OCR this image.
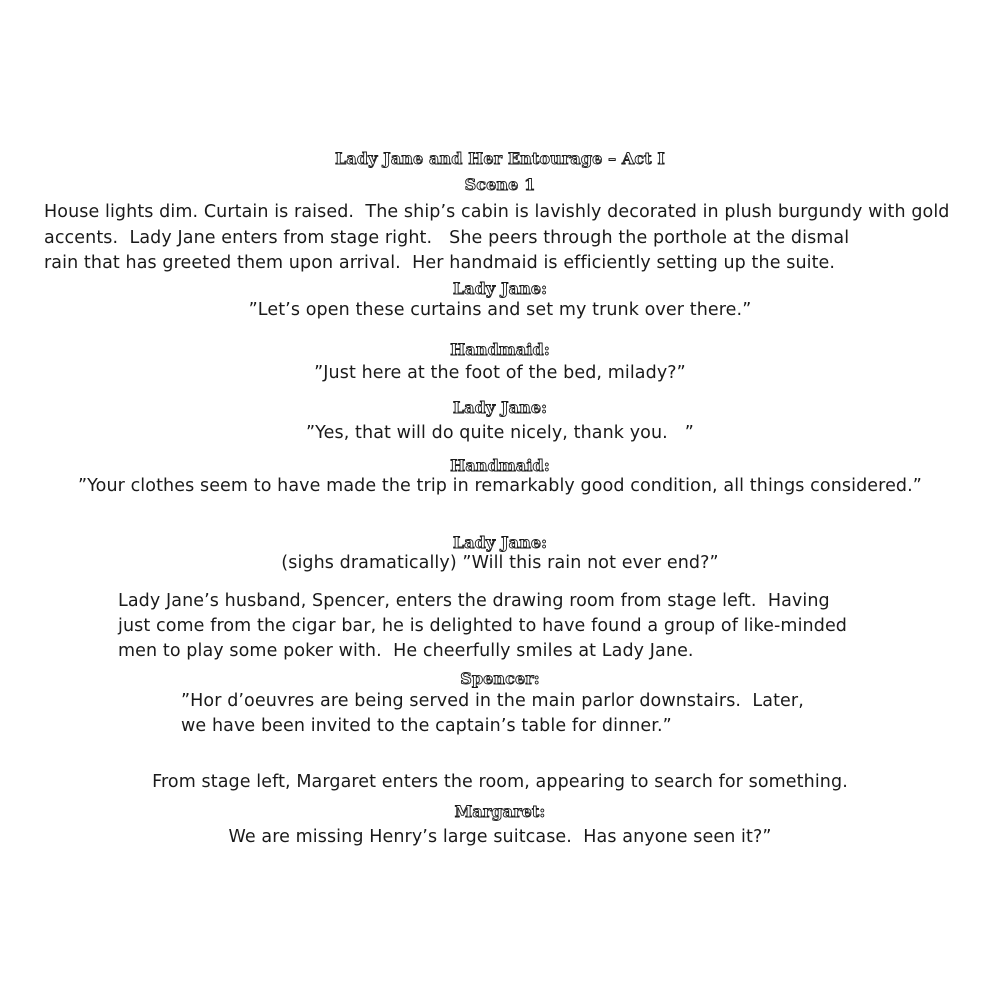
Lady Jane and Her Entourage – Act I
Scene 1
House lights dim. Curtain is raised.  The ship’s cabin is lavishly decorated in plush burgundy with gold
accents.  Lady Jane enters from stage right.   She peers through the porthole at the dismal
rain that has greeted them upon arrival.  Her handmaid is efficiently setting up the suite.
Lady Jane:
”Let’s open these curtains and set my trunk over there.”
Handmaid:
”Just here at the foot of the bed, milady?”
Lady Jane:
”Yes, that will do quite nicely, thank you.   ”
Handmaid:
”Your clothes seem to have made the trip in remarkably good condition, all things considered.”
Lady Jane:
(sighs dramatically) ”Will this rain not ever end?”
Lady Jane’s husband, Spencer, enters the drawing room from stage left.  Having
just come from the cigar bar, he is delighted to have found a group of like-minded
men to play some poker with.  He cheerfully smiles at Lady Jane.
Spencer:
”Hor d’oeuvres are being served in the main parlor downstairs.  Later,
we have been invited to the captain’s table for dinner.”
From stage left, Margaret enters the room, appearing to search for something.
Margaret:
We are missing Henry’s large suitcase.  Has anyone seen it?”
